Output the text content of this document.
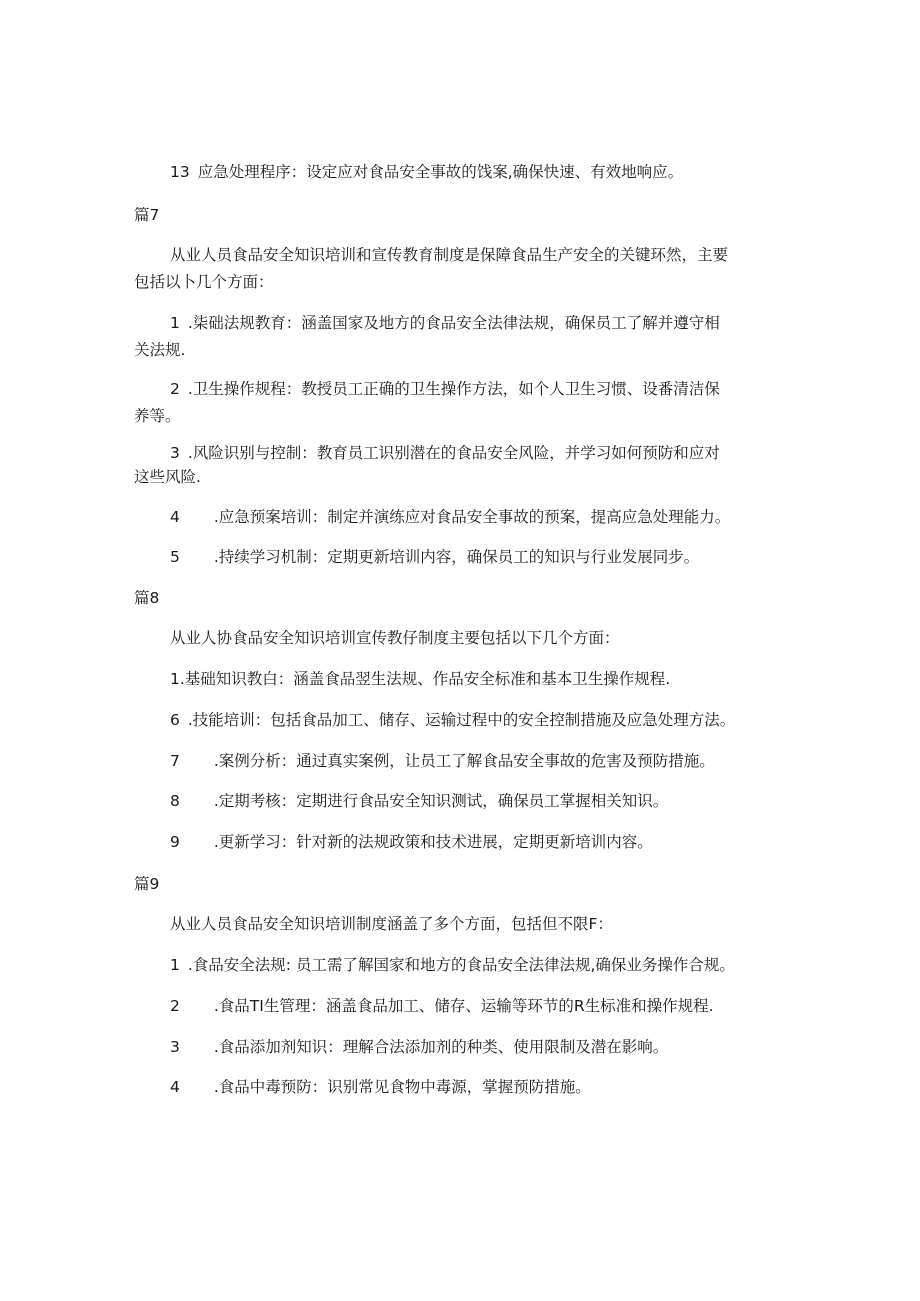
13 应急处理程序：设定应对食品安全事故的饯案,确保快速、有效地响应。
篇7
从业人员食品安全知识培训和宣传教育制度是保障食品生产安全的关键环然，主要
包括以卜几个方面：
1 .柒础法规教育：涵盖国家及地方的食品安全法律法规，确保员工了解并遵守相
关法规.
2 .卫生操作规程：教授员工正确的卫生操作方法，如个人卫生习惯、设番清洁保
养等。
3 .风险识别与控制：教育员工识别潜在的食品安全风险，并学习如何预防和应对
这些风险.
4 .应急预案培训：制定并演练应对食品安全事故的预案，提高应急处理能力。
5 .持续学习机制：定期更新培训内容，确保员工的知识与行业发展同步。
篇8
从业人协食品安全知识培训宣传教仔制度主要包括以下几个方面：
1.基础知识教白：涵盖食品翌生法规、作品安全标准和基本卫生操作规程.
6 .技能培训：包括食品加工、储存、运输过程中的安全控制措施及应急处理方法。
7 .案例分析：通过真实案例，让员工了解食品安全事故的危害及预防措施。
8 .定期考核：定期进行食品安全知识测试，确保员工掌握相关知识。
9 .更新学习：针对新的法规政策和技术进展，定期更新培训内容。
篇9
从业人员食品安全知识培训制度涵盖了多个方面，包括但不限F：
1 .食品安全法规: 员工需了解国家和地方的食品安全法律法规,确保业务操作合规。
2 .食品TI生管理：涵盖食品加工、储存、运输等环节的R生标准和操作规程.
3 .食品添加剂知识：理解合法添加剂的种类、使用限制及潜在影响。
4 .食品中毒预防：识别常见食物中毒源，掌握预防措施。
